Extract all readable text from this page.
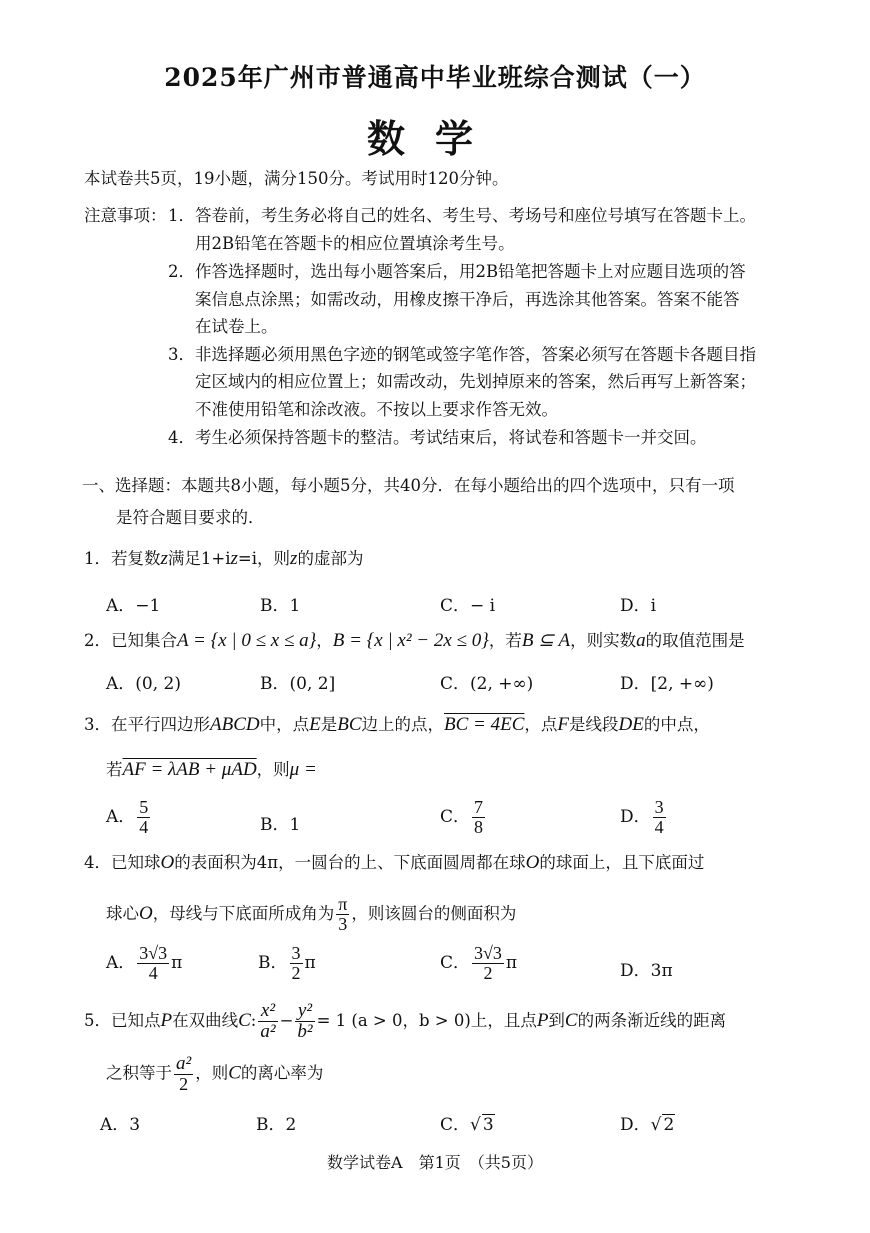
2025年广州市普通高中毕业班综合测试（一）
数学
本试卷共5页，19小题，满分150分。考试用时120分钟。
注意事项： 1．答卷前，考生务必将自己的姓名、考生号、考场号和座位号填写在答题卡上。
用2B铅笔在答题卡的相应位置填涂考生号。
2．作答选择题时，选出每小题答案后，用2B铅笔把答题卡上对应题目选项的答
案信息点涂黑；如需改动，用橡皮擦干净后，再选涂其他答案。答案不能答
在试卷上。
3．非选择题必须用黑色字迹的钢笔或签字笔作答，答案必须写在答题卡各题目指
定区域内的相应位置上；如需改动，先划掉原来的答案，然后再写上新答案；
不准使用铅笔和涂改液。不按以上要求作答无效。
4．考生必须保持答题卡的整洁。考试结束后，将试卷和答题卡一并交回。
一、选择题：本题共8小题，每小题5分，共40分．在每小题给出的四个选项中，只有一项
是符合题目要求的．
1．若复数z满足1+iz=i，则z的虚部为
A．−1	B．1	C．− i	D．i
2．已知集合A = {x | 0 ≤ x ≤ a}，B = {x | x² − 2x ≤ 0}，若B ⊆ A，则实数a的取值范围是
A．(0, 2)	B．(0, 2]	C．(2, +∞)	D．[2, +∞)
3．在平行四边形ABCD中，点E是BC边上的点，BC = 4EC，点F是线段DE的中点，
若AF = λAB + μAD，则μ =
A． $\frac{5}{4}$	B．1	C． $\frac{7}{8}$	D． $\frac{3}{4}$
4．已知球O的表面积为4π，一圆台的上、下底面圆周都在球O的球面上，且下底面过
球心O，母线与下底面所成角为 $\frac{\pi}{3}$ ，则该圆台的侧面积为
A． $\frac{3√3}{4}$ π	B． $\frac{3}{2}$ π	C． $\frac{3√3}{2}$ π	D．3π
5．已知点P在双曲线C: $\frac{\text{x²}}{\text{a²}} - \frac{\text{y²}}{\text{b²}} = 1$ (a > 0，b > 0)上，且点P到C的两条渐近线的距离
之积等于 $\frac{\text{a²}}{2}$ ，则C的离心率为
A．3	B．2	C．√ 3	D．√ 2
数学试卷A　第1页　（共5页）
